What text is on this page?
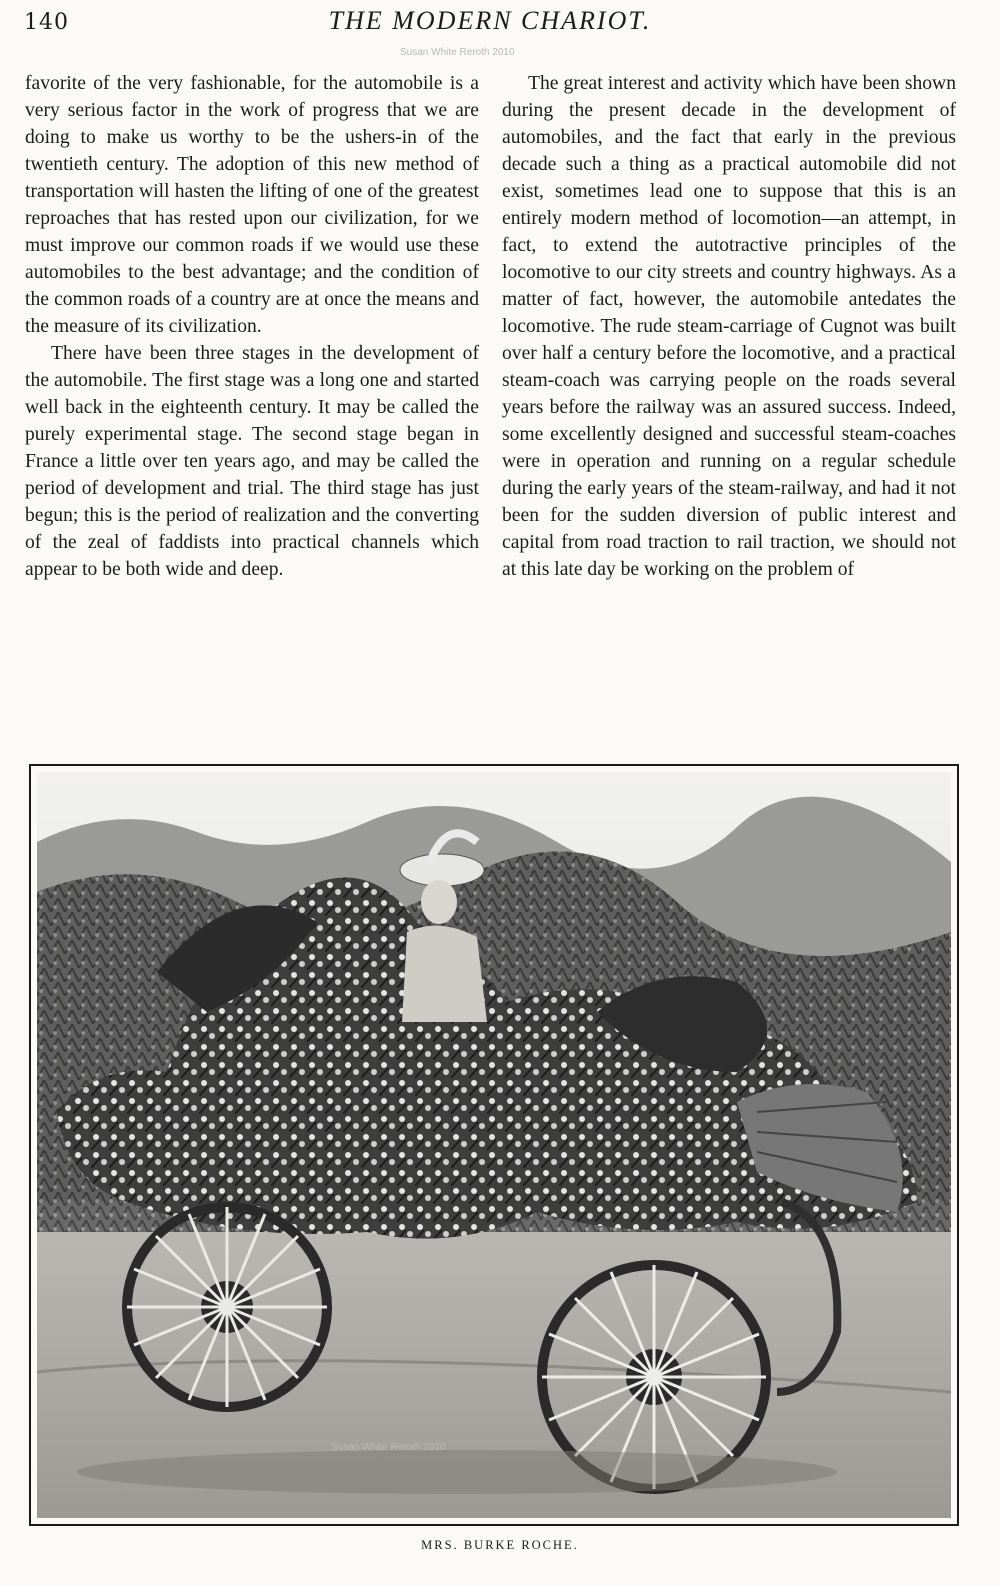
140	THE MODERN CHARIOT.
Susan White Reroth 2010

favorite of the very fashionable, for the automobile is a very serious factor in the work of progress that we are doing to make us worthy to be the ushers-in of the twentieth century. The adoption of this new method of transportation will hasten the lifting of one of the greatest reproaches that has rested upon our civilization, for we must improve our common roads if we would use these automobiles to the best advantage; and the condition of the common roads of a country are at once the means and the measure of its civilization.

There have been three stages in the development of the automobile. The first stage was a long one and started well back in the eighteenth century. It may be called the purely experimental stage. The second stage began in France a little over ten years ago, and may be called the period of development and trial. The third stage has just begun; this is the period of realization and the converting of the zeal of faddists into practical channels which appear to be both wide and deep.

The great interest and activity which have been shown during the present decade in the development of automobiles, and the fact that early in the previous decade such a thing as a practical automobile did not exist, sometimes lead one to suppose that this is an entirely modern method of locomotion—an attempt, in fact, to extend the autotractive principles of the locomotive to our city streets and country highways. As a matter of fact, however, the automobile antedates the locomotive. The rude steam-carriage of Cugnot was built over half a century before the locomotive, and a practical steam-coach was carrying people on the roads several years before the railway was an assured success. Indeed, some excellently designed and successful steam-coaches were in operation and running on a regular schedule during the early years of the steam-railway, and had it not been for the sudden diversion of public interest and capital from road traction to rail traction, we should not at this late day be working on the problem of

Susan White Reroth 2010
MRS. BURKE ROCHE.
